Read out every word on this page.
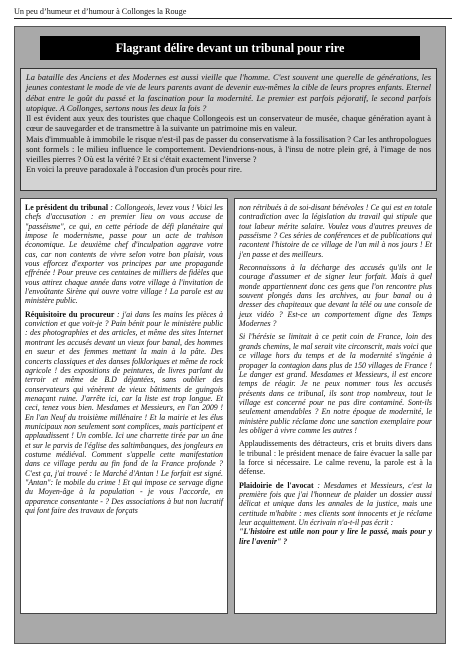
Un peu d’humeur et d’humour à Collonges la Rouge
Flagrant délire devant un tribunal pour rire

La bataille des Anciens et des Modernes est aussi vieille que l'homme. C'est souvent une querelle de générations, les jeunes contestant le mode de vie de leurs parents avant de devenir eux-mêmes la cible de leurs propres enfants. Eternel débat entre le goût du passé et la fascination pour la modernité. Le premier est parfois péjoratif, le second parfois utopique. A Collonges, sertons nous les deux la fois ?

Il est évident aux yeux des touristes que chaque Collongeois est un conservateur de musée, chaque génération ayant à cœur de sauvegarder et de transmettre à la suivante un patrimoine mis en valeur.

Mais d'immuable à immobile le risque n'est-il pas de passer du conservatisme à la fossilisation ? Car les anthropologues sont formels : le milieu influence le comportement. Deviendrions-nous, à l'insu de notre plein gré, à l'image de nos vieilles pierres ? Où est la vérité ? Et si c'était exactement l'inverse ?

En voici la preuve paradoxale à l'occasion d'un procès pour rire.

Le président du tribunal : Collongeois, levez vous ! Voici les chefs d'accusation : en premier lieu on vous accuse de "passéisme", ce qui, en cette période de défi planétaire qui impose le modernisme, passe pour un acte de trahison économique. Le deuxième chef d'inculpation aggrave votre cas, car non contents de vivre selon votre bon plaisir, vous vous efforcez d'exporter vos principes par une propagande effrénée ! Pour preuve ces centaines de milliers de fidèles que vous attirez chaque année dans votre village à l'invitation de l'envoûtante Sirène qui ouvre votre village ! La parole est au ministère public.

Réquisitoire du procureur : j'ai dans les mains les pièces à conviction et que voit-je ? Pain bénit pour le ministère public : des photographies et des articles, et même des sites Internet montrant les accusés devant un vieux four banal, des hommes en sueur et des femmes mettant la main à la pâte. Des concerts classiques et des danses folkloriques et même de rock agricole ! des expositions de peintures, de livres parlant du terroir et même de B.D déjantées, sans oublier des conservateurs qui vénèrent de vieux bâtiments de guingois menaçant ruine. J'arrête ici, car la liste est trop longue. Et ceci, tenez vous bien. Mesdames et Messieurs, en l'an 2009 ! En l'an Neuf du troisième millénaire ! Et la mairie et les élus municipaux non seulement sont complices, mais participent et applaudissent ! Un comble. Ici une charrette tirée par un âne et sur le parvis de l'église des saltimbanques, des jongleurs en costume médiéval. Comment s'appelle cette manifestation dans ce village perdu au fin fond de la France profonde ? C'est ça, j'ai trouvé : le Marché d'Antan ! Le forfait est signé. "Antan": le mobile du crime ! Et qui impose ce servage digne du Moyen-âge à la population - je vous l'accorde, en apparence consentante - ? Des associations à but non lucratif qui font faire des travaux de forçats

non rétribués à de soi-disant bénévoles ! Ce qui est en totale contradiction avec la législation du travail qui stipule que tout labeur mérite salaire. Voulez vous d'autres preuves de passéisme ? Ces séries de conférences et de publications qui racontent l'histoire de ce village de l'an mil à nos jours ! Et j'en passe et des meilleurs.

Reconnaissons à la décharge des accusés qu'ils ont le courage d'assumer et de signer leur forfait. Mais à quel monde appartiennent donc ces gens que l'on rencontre plus souvent plongés dans les archives, au four banal ou à dresser des chapiteaux que devant la télé ou une console de jeux vidéo ? Est-ce un comportement digne des Temps Modernes ?

Si l'hérésie se limitait à ce petit coin de France, loin des grands chemins, le mal serait vite circonscrit, mais voici que ce village hors du temps et de la modernité s'ingénie à propager la contagion dans plus de 150 villages de France ! Le danger est grand. Mesdames et Messieurs, il est encore temps de réagir. Je ne peux nommer tous les accusés présents dans ce tribunal, ils sont trop nombreux, tout le village est concerné pour ne pas dire contaminé. Sont-ils seulement amendables ? En notre époque de modernité, le ministère public réclame donc une sanction exemplaire pour les obliger à vivre comme les autres !

Applaudissements des détracteurs, cris et bruits divers dans le tribunal : le président menace de faire évacuer la salle par la force si nécessaire. Le calme revenu, la parole est à la défense.

Plaidoirie de l'avocat : Mesdames et Messieurs, c'est la première fois que j'ai l'honneur de plaider un dossier aussi délicat et unique dans les annales de la justice, mais une certitude m'habite : mes clients sont innocents et je réclame leur acquittement. Un écrivain n'a-t-il pas écrit :
"L'histoire est utile non pour y lire le passé, mais pour y lire l'avenir" ?
